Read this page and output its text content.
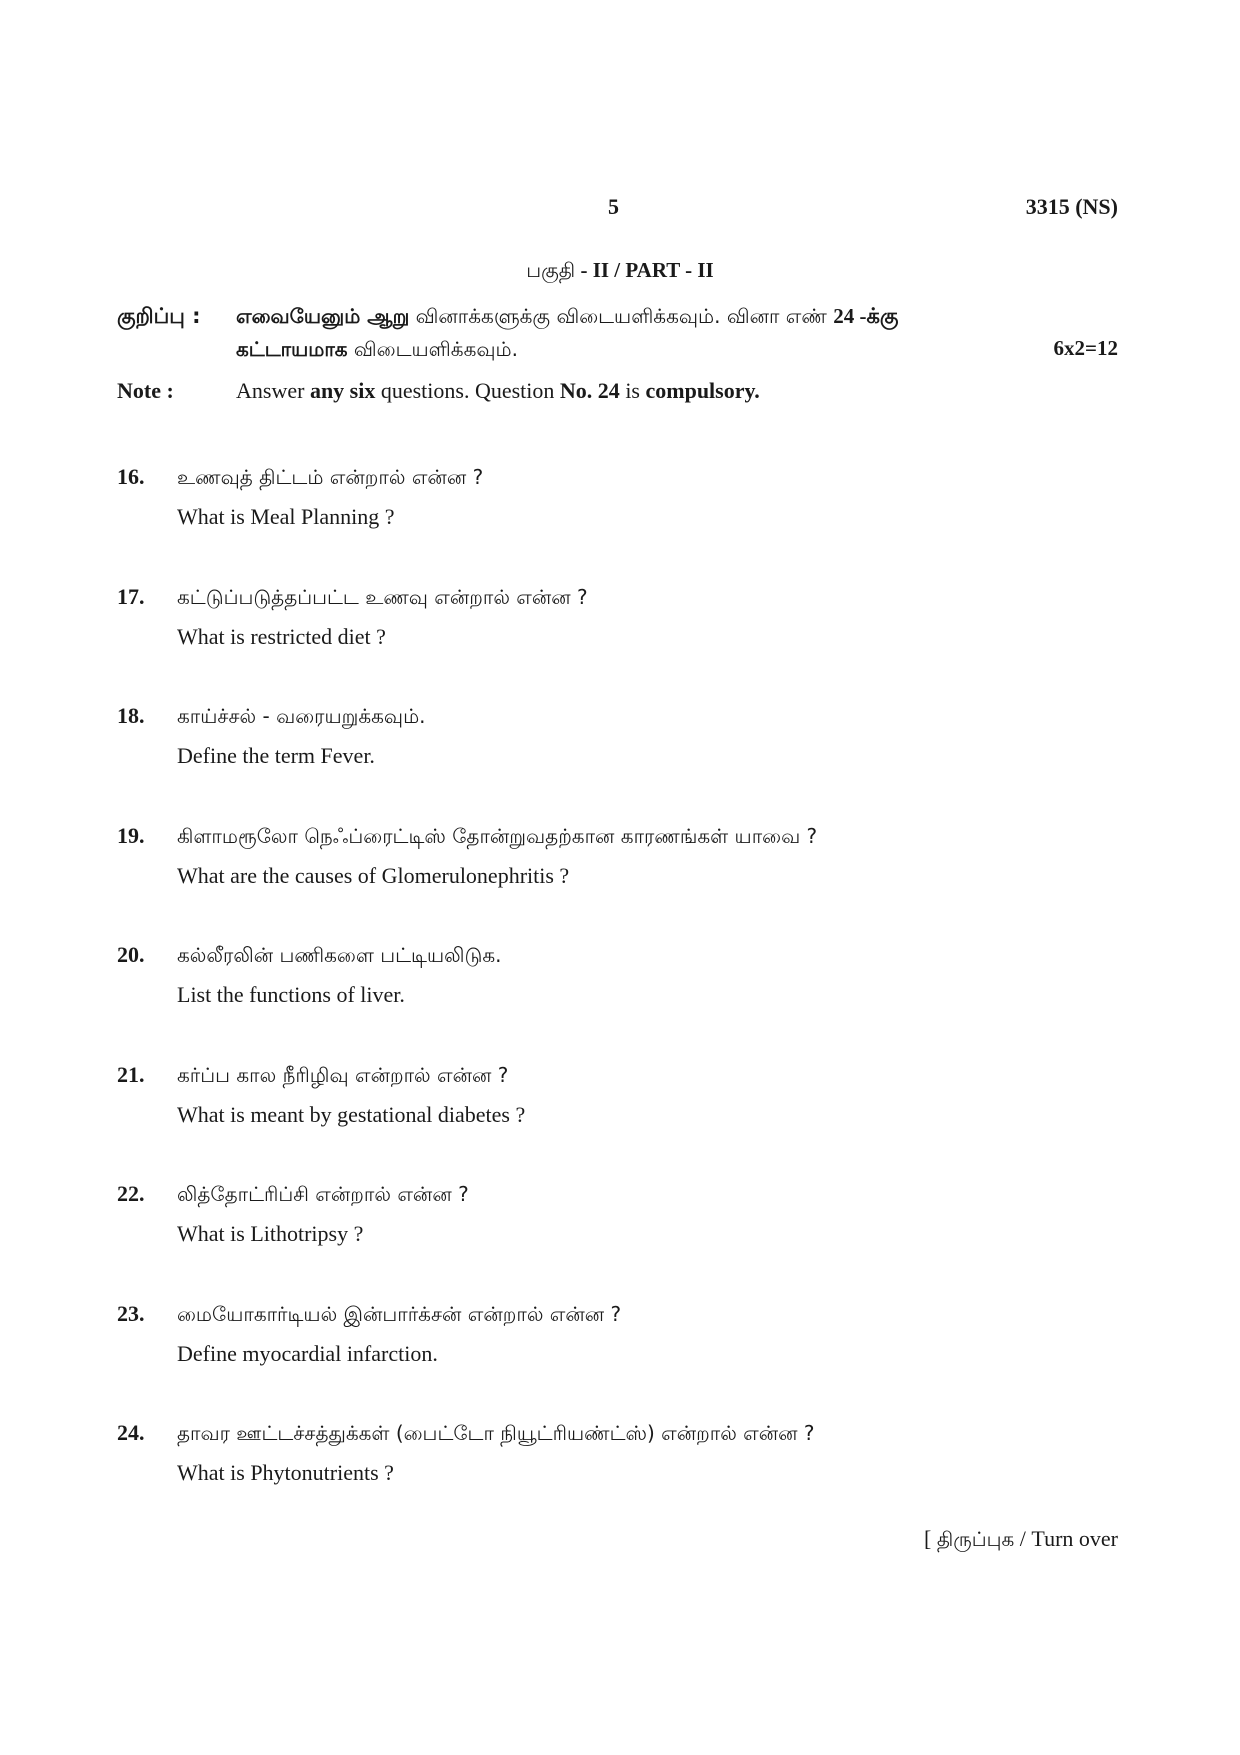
5	3315 (NS)
பகுதி - II / PART - II
குறிப்பு : எவையேனும் ஆறு வினாக்களுக்கு விடையளிக்கவும். வினா எண் 24 -க்கு
கட்டாயமாக விடையளிக்கவும்.	6x2=12
Note :	Answer any six questions. Question No. 24 is compulsory.
16. உணவுத் திட்டம் என்றால் என்ன ?
What is Meal Planning ?
17. கட்டுப்படுத்தப்பட்ட உணவு என்றால் என்ன ?
What is restricted diet ?
18. காய்ச்சல் - வரையறுக்கவும்.
Define the term Fever.
19. கிளாமரூலோ நெஃப்ரைட்டிஸ் தோன்றுவதற்கான காரணங்கள் யாவை ?
What are the causes of Glomerulonephritis ?
20. கல்லீரலின் பணிகளை பட்டியலிடுக.
List the functions of liver.
21. கர்ப்ப கால நீரிழிவு என்றால் என்ன ?
What is meant by gestational diabetes ?
22. லித்தோட்ரிப்சி என்றால் என்ன ?
What is Lithotripsy ?
23. மையோகார்டியல் இன்பார்க்சன் என்றால் என்ன ?
Define myocardial infarction.
24. தாவர ஊட்டச்சத்துக்கள் (பைட்டோ நியூட்ரியண்ட்ஸ்) என்றால் என்ன ?
What is Phytonutrients ?
[ திருப்புக / Turn over
